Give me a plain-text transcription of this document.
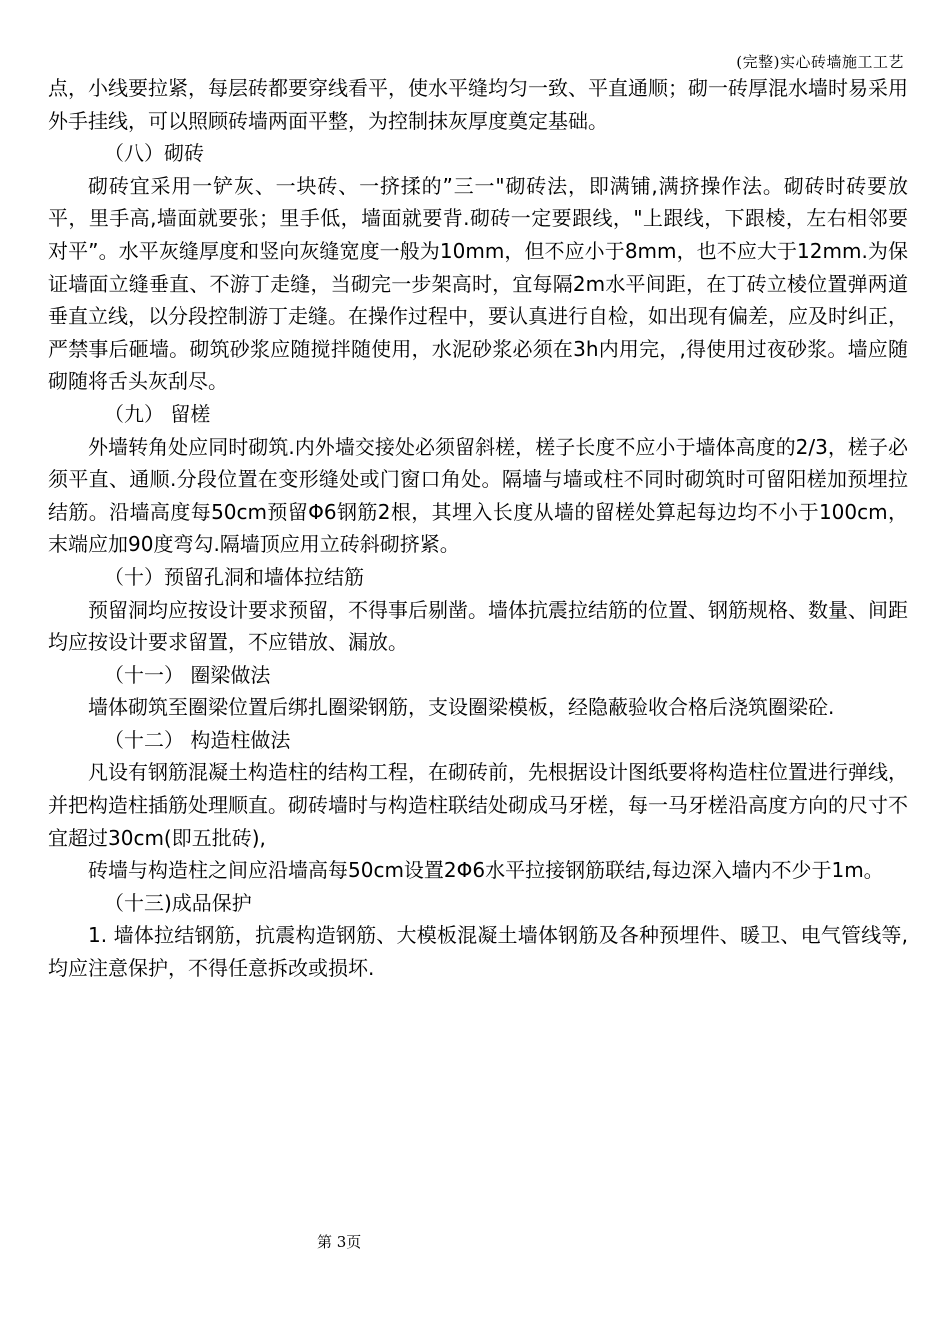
(完整)实心砖墙施工工艺

点，小线要拉紧，每层砖都要穿线看平，使水平缝均匀一致、平直通顺；砌一砖厚混水墙时易采用外手挂线，可以照顾砖墙两面平整，为控制抹灰厚度奠定基础。

（八）砌砖

砌砖宜采用一铲灰、一块砖、一挤揉的”三一"砌砖法，即满铺,满挤操作法。砌砖时砖要放平，里手高,墙面就要张；里手低，墙面就要背.砌砖一定要跟线，"上跟线，下跟棱，左右相邻要对平”。水平灰缝厚度和竖向灰缝宽度一般为10mm，但不应小于8mm，也不应大于12mm.为保证墙面立缝垂直、不游丁走缝，当砌完一步架高时，宜每隔2m水平间距，在丁砖立棱位置弹两道垂直立线，以分段控制游丁走缝。在操作过程中，要认真进行自检，如出现有偏差，应及时纠正，严禁事后砸墙。砌筑砂浆应随搅拌随使用，水泥砂浆必须在3h内用完，,得使用过夜砂浆。墙应随砌随将舌头灰刮尽。

（九） 留槎

外墙转角处应同时砌筑.内外墙交接处必须留斜槎，槎子长度不应小于墙体高度的2/3，槎子必须平直、通顺.分段位置在变形缝处或门窗口角处。隔墙与墙或柱不同时砌筑时可留阳槎加预埋拉结筋。沿墙高度每50cm预留Φ6钢筋2根，其埋入长度从墙的留槎处算起每边均不小于100cm，末端应加90度弯勾.隔墙顶应用立砖斜砌挤紧。

（十）预留孔洞和墙体拉结筋

预留洞均应按设计要求预留，不得事后剔凿。墙体抗震拉结筋的位置、钢筋规格、数量、间距均应按设计要求留置，不应错放、漏放。

（十一） 圈梁做法

墙体砌筑至圈梁位置后绑扎圈梁钢筋，支设圈梁模板，经隐蔽验收合格后浇筑圈梁砼.

（十二） 构造柱做法

凡设有钢筋混凝土构造柱的结构工程，在砌砖前，先根据设计图纸要将构造柱位置进行弹线，并把构造柱插筋处理顺直。砌砖墙时与构造柱联结处砌成马牙槎，每一马牙槎沿高度方向的尺寸不宜超过30cm(即五批砖),

砖墙与构造柱之间应沿墙高每50cm设置2Φ6水平拉接钢筋联结,每边深入墙内不少于1m。

（十三)成品保护

1. 墙体拉结钢筋，抗震构造钢筋、大模板混凝土墙体钢筋及各种预埋件、暖卫、电气管线等,均应注意保护，不得任意拆改或损坏.

第 3页
